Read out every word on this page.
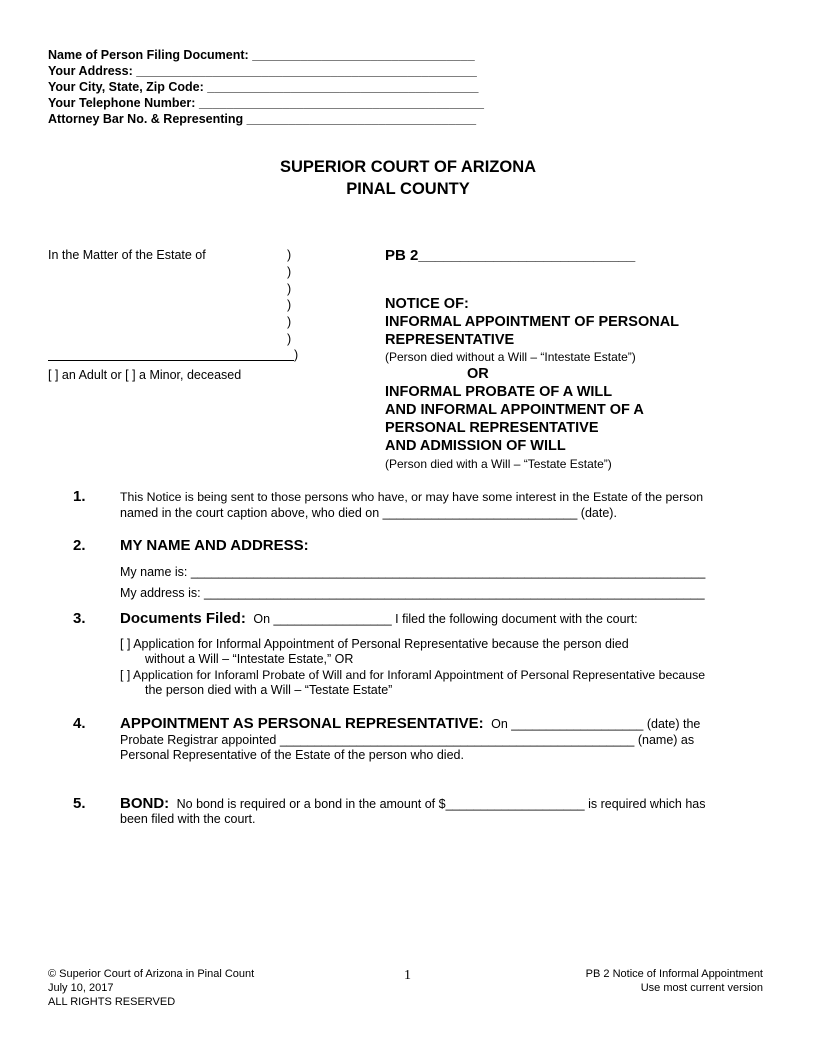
Name of Person Filing Document: ________________________________
Your Address: _________________________________________________
Your City, State, Zip Code: _______________________________________
Your Telephone Number: _________________________________________
Attorney Bar No. & Representing _________________________________
SUPERIOR COURT OF ARIZONA
PINAL COUNTY
In the Matter of the Estate of	)
)
)
)
)
)
)
[ ] an Adult or [ ] a Minor, deceased
PB 2__________________________
NOTICE OF:
INFORMAL APPOINTMENT OF PERSONAL
REPRESENTATIVE
(Person died without a Will – “Intestate Estate”)
OR
INFORMAL PROBATE OF A WILL
AND INFORMAL APPOINTMENT OF A
PERSONAL REPRESENTATIVE
AND ADMISSION OF WILL
(Person died with a Will – “Testate Estate”)
1.	This Notice is being sent to those persons who have, or may have some interest in the Estate of the person
named in the court caption above, who died on ____________________________ (date).
2. MY NAME AND ADDRESS:
My name is: __________________________________________________________________________
My address is: ________________________________________________________________________
3. Documents Filed: On _________________ I filed the following document with the court:
[ ] Application for Informal Appointment of Personal Representative because the person died
without a Will – “Intestate Estate,” OR
[ ] Application for Inforaml Probate of Will and for Inforaml Appointment of Personal Representative because
the person died with a Will – “Testate Estate”
4. APPOINTMENT AS PERSONAL REPRESENTATIVE: On ___________________ (date) the
Probate Registrar appointed ___________________________________________________ (name) as
Personal Representative of the Estate of the person who died.
5. BOND: No bond is required or a bond in the amount of $____________________ is required which has
been filed with the court.
© Superior Court of Arizona in Pinal Count
July 10, 2017
ALL RIGHTS RESERVED
1	PB 2 Notice of Informal Appointment
Use most current version
